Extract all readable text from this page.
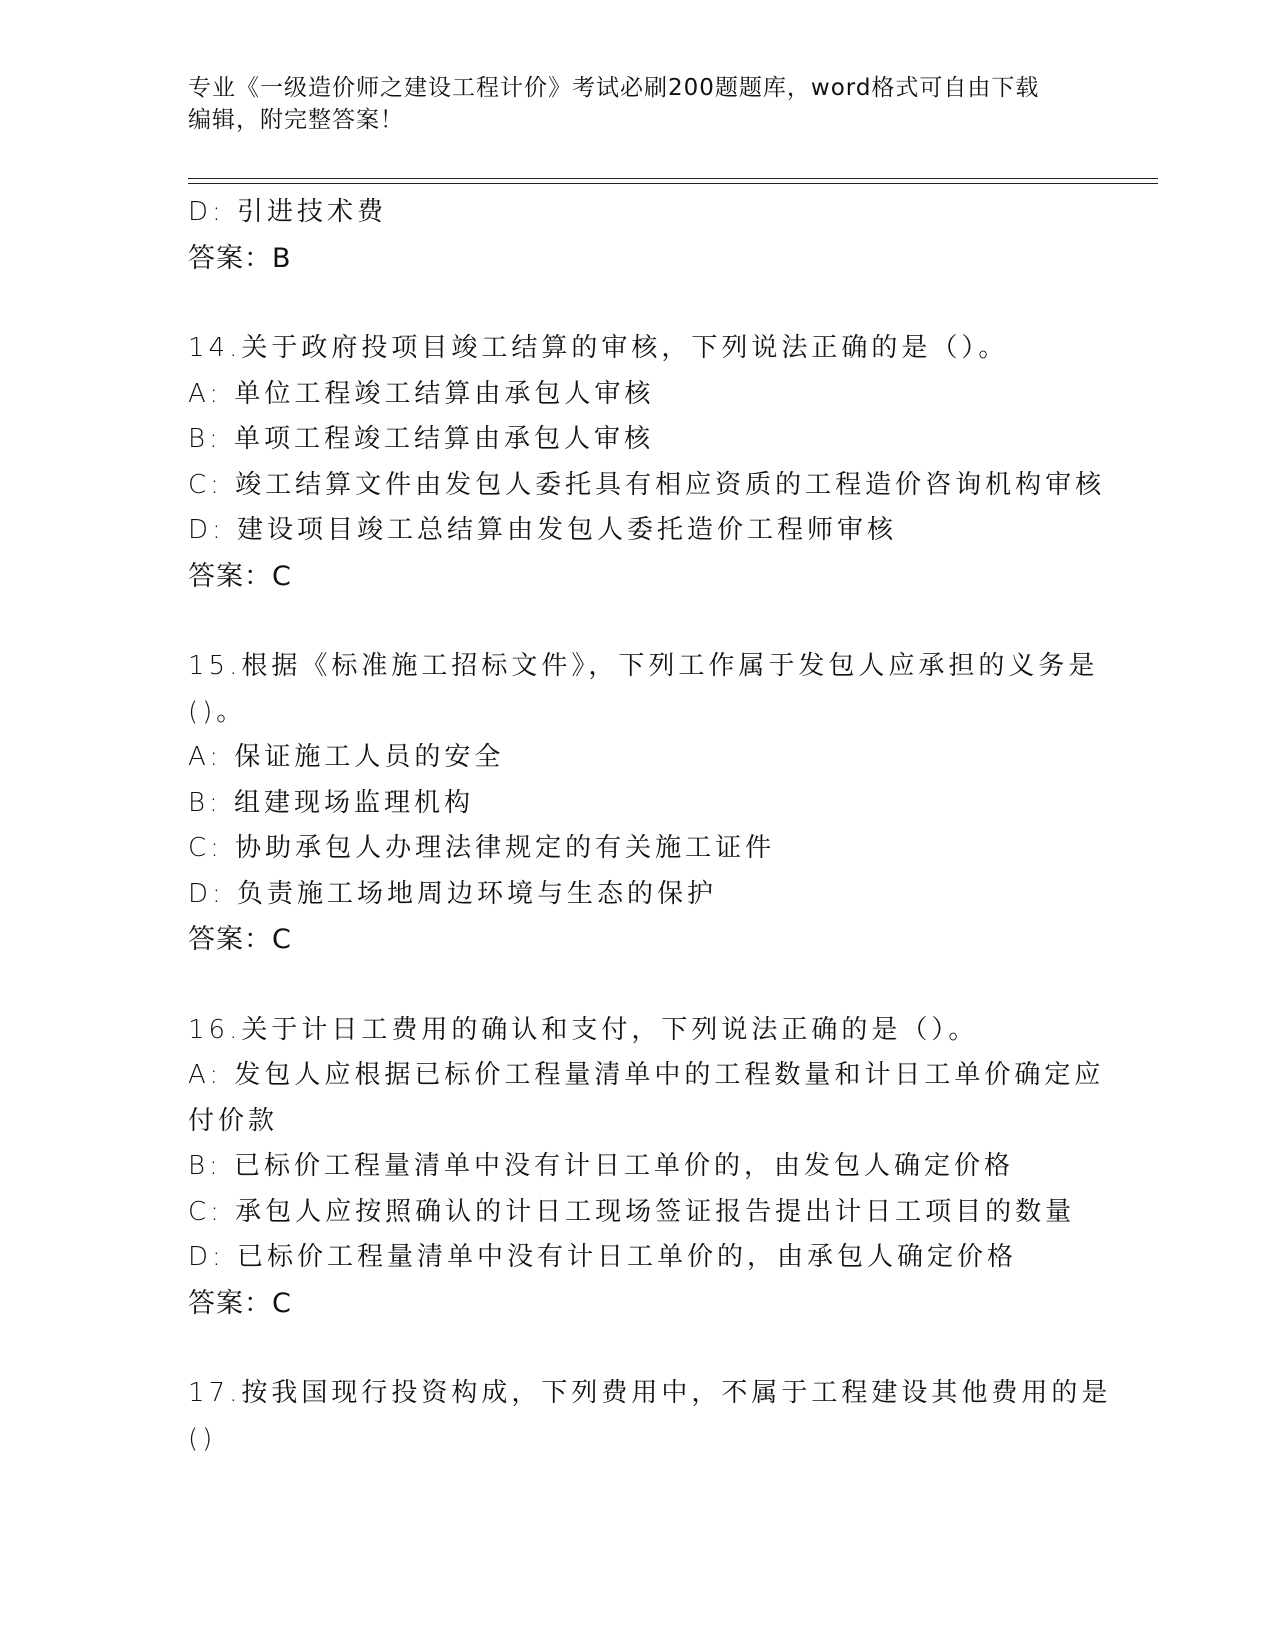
专业《一级造价师之建设工程计价》考试必刷200题题库，word格式可自由下载
编辑，附完整答案！
D: 引进技术费
答案：B
14.关于政府投项目竣工结算的审核，下列说法正确的是（）。
A: 单位工程竣工结算由承包人审核
B: 单项工程竣工结算由承包人审核
C: 竣工结算文件由发包人委托具有相应资质的工程造价咨询机构审核
D: 建设项目竣工总结算由发包人委托造价工程师审核
答案：C
15.根据《标准施工招标文件》，下列工作属于发包人应承担的义务是
()。
A: 保证施工人员的安全
B: 组建现场监理机构
C: 协助承包人办理法律规定的有关施工证件
D: 负责施工场地周边环境与生态的保护
答案：C
16.关于计日工费用的确认和支付，下列说法正确的是（）。
A: 发包人应根据已标价工程量清单中的工程数量和计日工单价确定应
付价款
B: 已标价工程量清单中没有计日工单价的，由发包人确定价格
C: 承包人应按照确认的计日工现场签证报告提出计日工项目的数量
D: 已标价工程量清单中没有计日工单价的，由承包人确定价格
答案：C
17.按我国现行投资构成，下列费用中，不属于工程建设其他费用的是
()
